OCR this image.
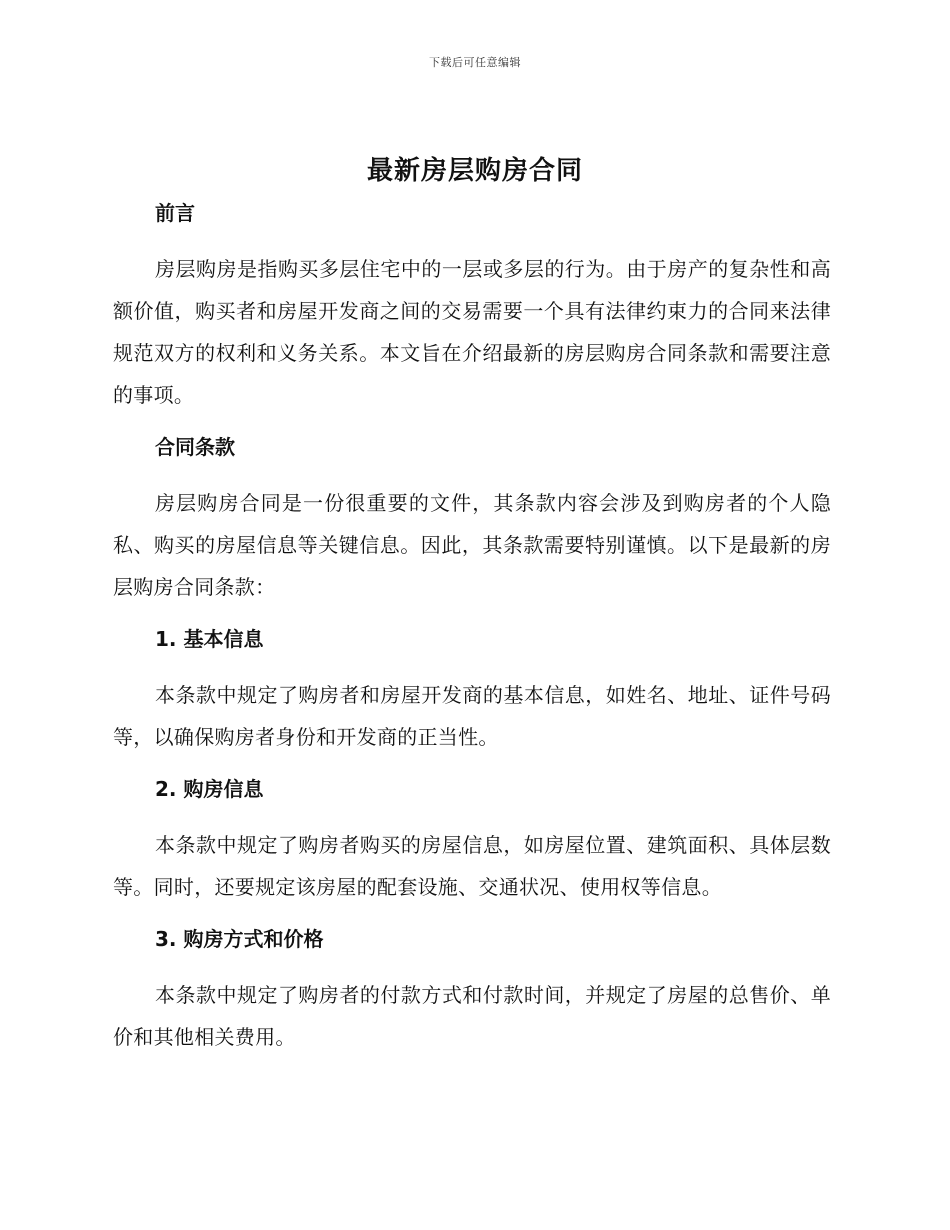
下载后可任意编辑
最新房层购房合同
前言

房层购房是指购买多层住宅中的一层或多层的行为。由于房产的复杂性和高额价值，购买者和房屋开发商之间的交易需要一个具有法律约束力的合同来法律规范双方的权利和义务关系。本文旨在介绍最新的房层购房合同条款和需要注意的事项。

合同条款

房层购房合同是一份很重要的文件，其条款内容会涉及到购房者的个人隐私、购买的房屋信息等关键信息。因此，其条款需要特别谨慎。以下是最新的房层购房合同条款：

1. 基本信息

本条款中规定了购房者和房屋开发商的基本信息，如姓名、地址、证件号码等，以确保购房者身份和开发商的正当性。

2. 购房信息

本条款中规定了购房者购买的房屋信息，如房屋位置、建筑面积、具体层数等。同时，还要规定该房屋的配套设施、交通状况、使用权等信息。

3. 购房方式和价格

本条款中规定了购房者的付款方式和付款时间，并规定了房屋的总售价、单价和其他相关费用。
